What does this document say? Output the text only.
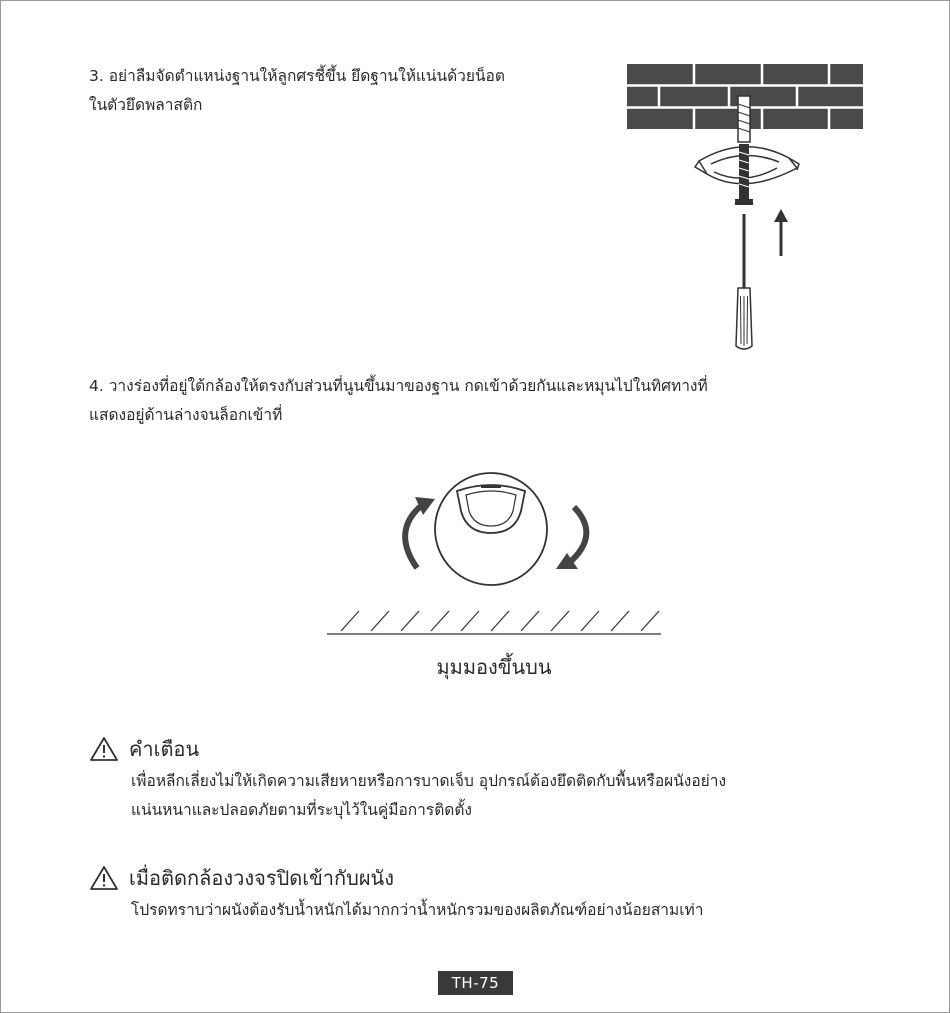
3. อย่าลืมจัดตำแหน่งฐานให้ลูกศรชี้ขึ้น ยึดฐานให้แน่นด้วยน็อต
ในตัวยึดพลาสติก
4. วางร่องที่อยู่ใต้กล้องให้ตรงกับส่วนที่นูนขึ้นมาของฐาน กดเข้าด้วยกันและหมุนไปในทิศทางที่
แสดงอยู่ด้านล่างจนล็อกเข้าที่
มุมมองขึ้นบน
คำเตือน
เพื่อหลีกเลี่ยงไม่ให้เกิดความเสียหายหรือการบาดเจ็บ อุปกรณ์ต้องยึดติดกับพื้นหรือผนังอย่าง
แน่นหนาและปลอดภัยตามที่ระบุไว้ในคู่มือการติดตั้ง
เมื่อติดกล้องวงจรปิดเข้ากับผนัง
โปรดทราบว่าผนังต้องรับน้ำหนักได้มากกว่าน้ำหนักรวมของผลิตภัณฑ์อย่างน้อยสามเท่า
TH-75
